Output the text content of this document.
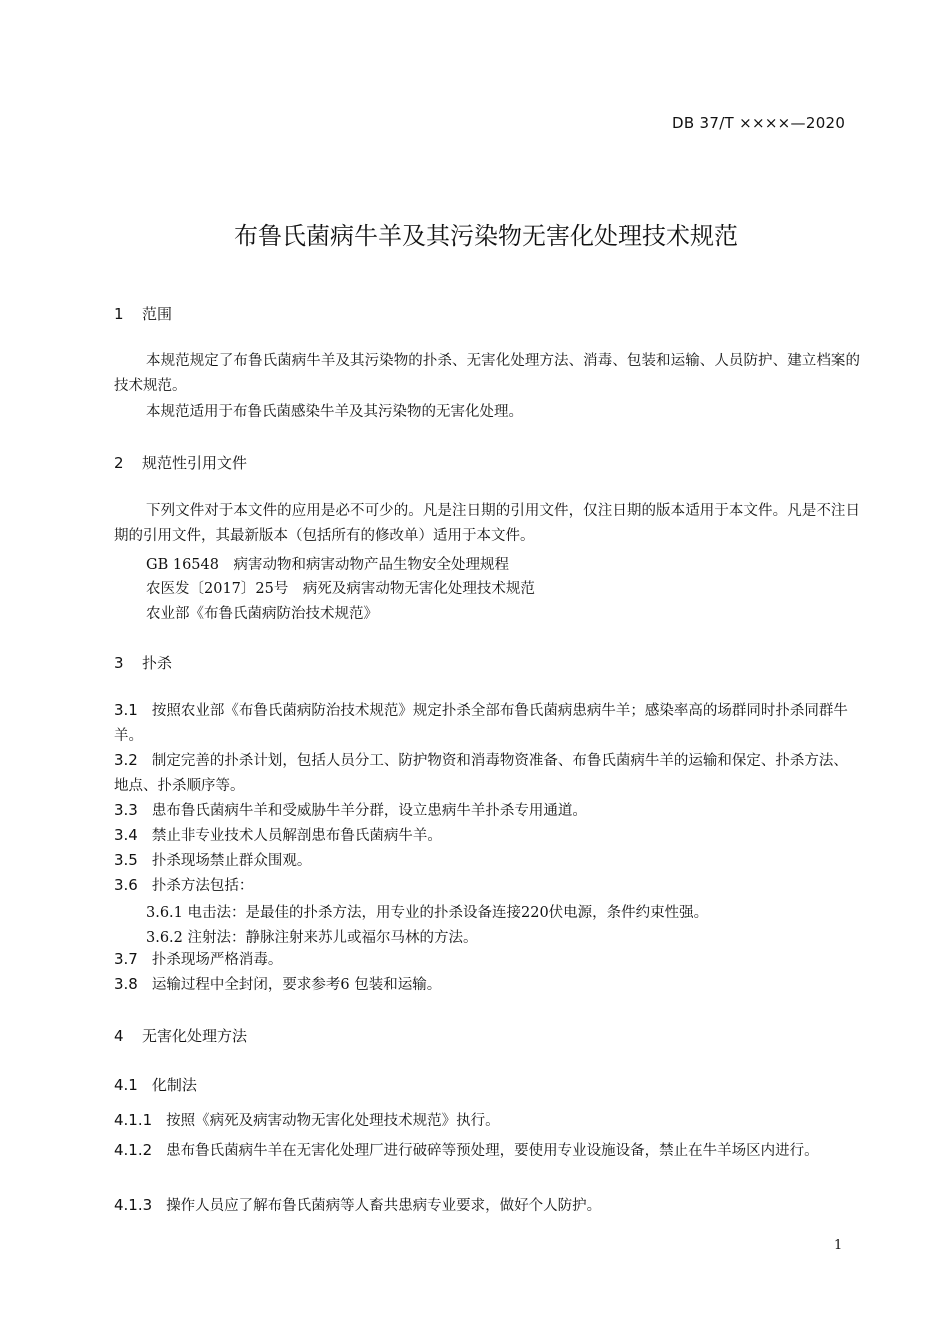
DB 37/T ××××—2020
布鲁氏菌病牛羊及其污染物无害化处理技术规范
1 范围
本规范规定了布鲁氏菌病牛羊及其污染物的扑杀、无害化处理方法、消毒、包装和运输、人员防护、建立档案的技术规范。
本规范适用于布鲁氏菌感染牛羊及其污染物的无害化处理。
2 规范性引用文件
下列文件对于本文件的应用是必不可少的。凡是注日期的引用文件，仅注日期的版本适用于本文件。凡是不注日期的引用文件，其最新版本（包括所有的修改单）适用于本文件。
GB 16548　病害动物和病害动物产品生物安全处理规程
农医发〔2017〕25号　病死及病害动物无害化处理技术规范
农业部《布鲁氏菌病防治技术规范》
3 扑杀
3.1 按照农业部《布鲁氏菌病防治技术规范》规定扑杀全部布鲁氏菌病患病牛羊；感染率高的场群同时扑杀同群牛羊。
3.2 制定完善的扑杀计划，包括人员分工、防护物资和消毒物资准备、布鲁氏菌病牛羊的运输和保定、扑杀方法、地点、扑杀顺序等。
3.3 患布鲁氏菌病牛羊和受威胁牛羊分群，设立患病牛羊扑杀专用通道。
3.4 禁止非专业技术人员解剖患布鲁氏菌病牛羊。
3.5 扑杀现场禁止群众围观。
3.6 扑杀方法包括：
3.6.1 电击法：是最佳的扑杀方法，用专业的扑杀设备连接220伏电源，条件约束性强。
3.6.2 注射法：静脉注射来苏儿或福尔马林的方法。
3.7 扑杀现场严格消毒。
3.8 运输过程中全封闭，要求参考6 包装和运输。
4 无害化处理方法
4.1 化制法
4.1.1 按照《病死及病害动物无害化处理技术规范》执行。
4.1.2 患布鲁氏菌病牛羊在无害化处理厂进行破碎等预处理，要使用专业设施设备，禁止在牛羊场区内进行。
4.1.3 操作人员应了解布鲁氏菌病等人畜共患病专业要求，做好个人防护。
1
